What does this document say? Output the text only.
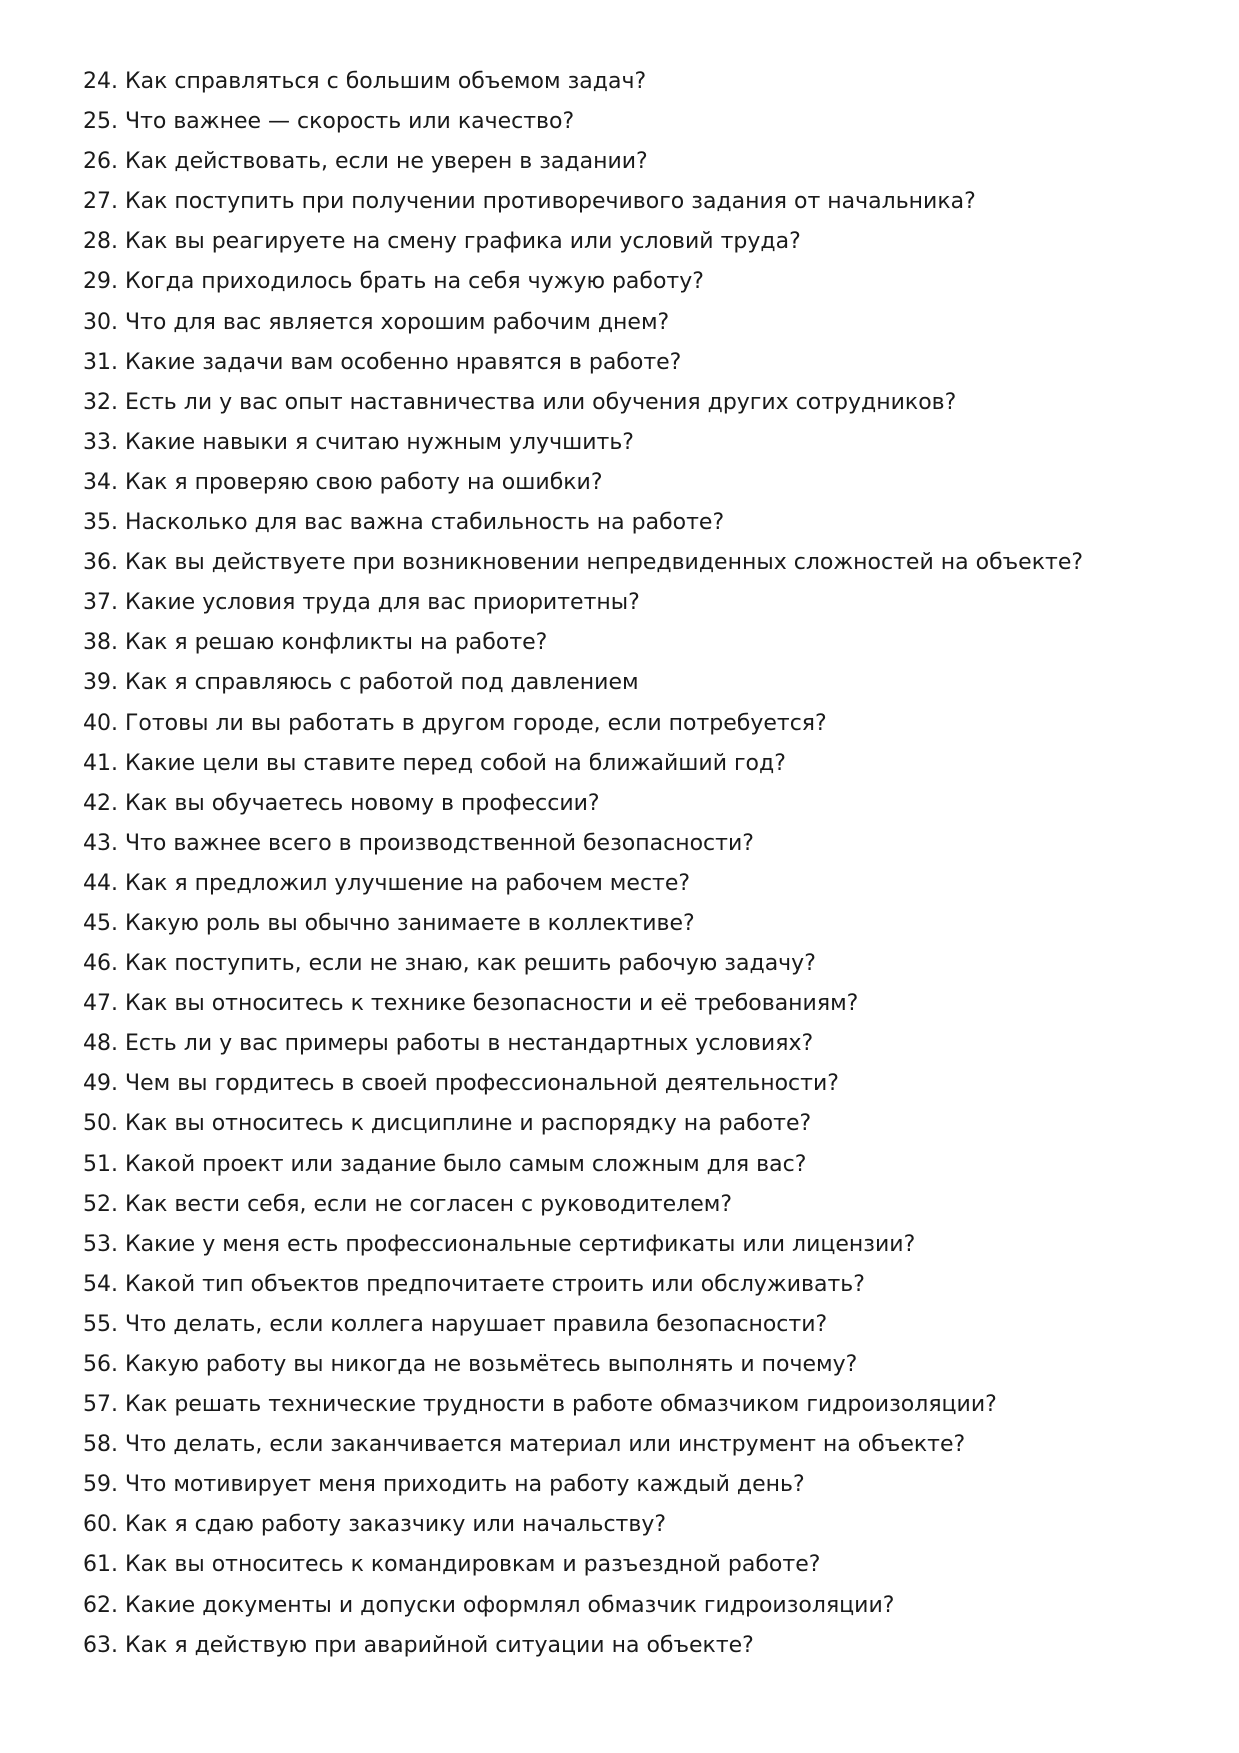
24. Как справляться с большим объемом задач?
25. Что важнее — скорость или качество?
26. Как действовать, если не уверен в задании?
27. Как поступить при получении противоречивого задания от начальника?
28. Как вы реагируете на смену графика или условий труда?
29. Когда приходилось брать на себя чужую работу?
30. Что для вас является хорошим рабочим днем?
31. Какие задачи вам особенно нравятся в работе?
32. Есть ли у вас опыт наставничества или обучения других сотрудников?
33. Какие навыки я считаю нужным улучшить?
34. Как я проверяю свою работу на ошибки?
35. Насколько для вас важна стабильность на работе?
36. Как вы действуете при возникновении непредвиденных сложностей на объекте?
37. Какие условия труда для вас приоритетны?
38. Как я решаю конфликты на работе?
39. Как я справляюсь с работой под давлением
40. Готовы ли вы работать в другом городе, если потребуется?
41. Какие цели вы ставите перед собой на ближайший год?
42. Как вы обучаетесь новому в профессии?
43. Что важнее всего в производственной безопасности?
44. Как я предложил улучшение на рабочем месте?
45. Какую роль вы обычно занимаете в коллективе?
46. Как поступить, если не знаю, как решить рабочую задачу?
47. Как вы относитесь к технике безопасности и её требованиям?
48. Есть ли у вас примеры работы в нестандартных условиях?
49. Чем вы гордитесь в своей профессиональной деятельности?
50. Как вы относитесь к дисциплине и распорядку на работе?
51. Какой проект или задание было самым сложным для вас?
52. Как вести себя, если не согласен с руководителем?
53. Какие у меня есть профессиональные сертификаты или лицензии?
54. Какой тип объектов предпочитаете строить или обслуживать?
55. Что делать, если коллега нарушает правила безопасности?
56. Какую работу вы никогда не возьмётесь выполнять и почему?
57. Как решать технические трудности в работе обмазчиком гидроизоляции?
58. Что делать, если заканчивается материал или инструмент на объекте?
59. Что мотивирует меня приходить на работу каждый день?
60. Как я сдаю работу заказчику или начальству?
61. Как вы относитесь к командировкам и разъездной работе?
62. Какие документы и допуски оформлял обмазчик гидроизоляции?
63. Как я действую при аварийной ситуации на объекте?
